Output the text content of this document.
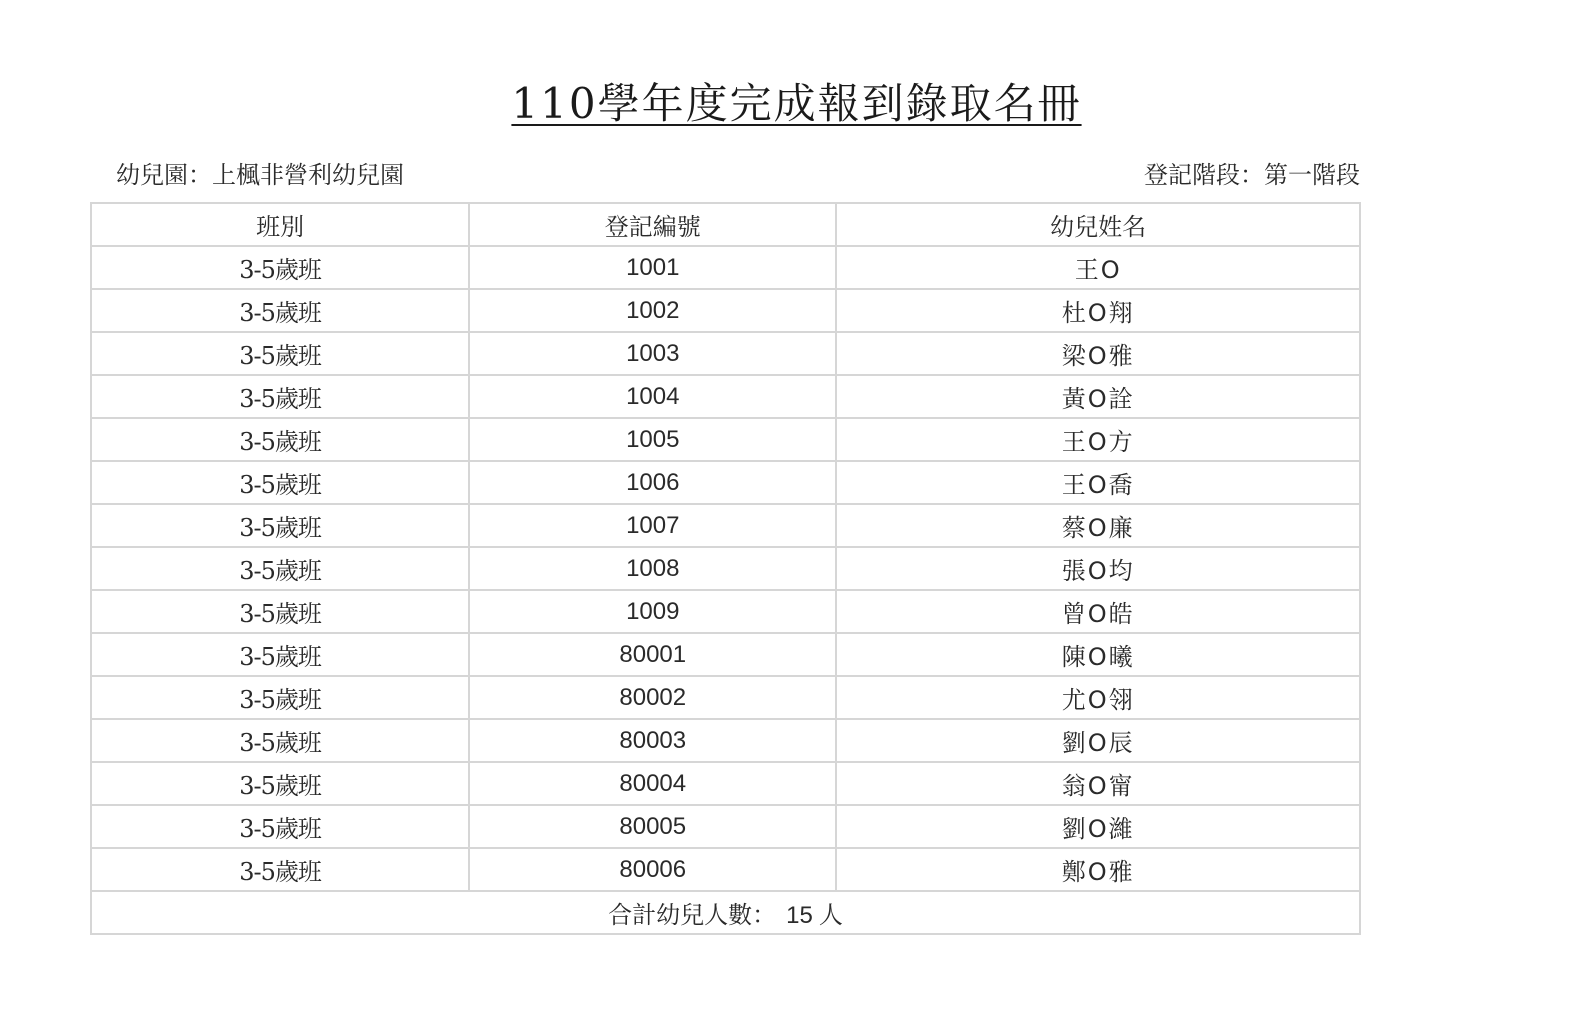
110學年度完成報到錄取名冊
幼兒園：上楓非營利幼兒園	登記階段：第一階段
班別	登記編號	幼兒姓名
3-5歲班	1001	王O
3-5歲班	1002	杜O翔
3-5歲班	1003	梁O雅
3-5歲班	1004	黃O詮
3-5歲班	1005	王O方
3-5歲班	1006	王O喬
3-5歲班	1007	蔡O廉
3-5歲班	1008	張O均
3-5歲班	1009	曾O皓
3-5歲班	80001	陳O曦
3-5歲班	80002	尤O翎
3-5歲班	80003	劉O辰
3-5歲班	80004	翁O甯
3-5歲班	80005	劉O濰
3-5歲班	80006	鄭O雅
合計幼兒人數： 15 人		
